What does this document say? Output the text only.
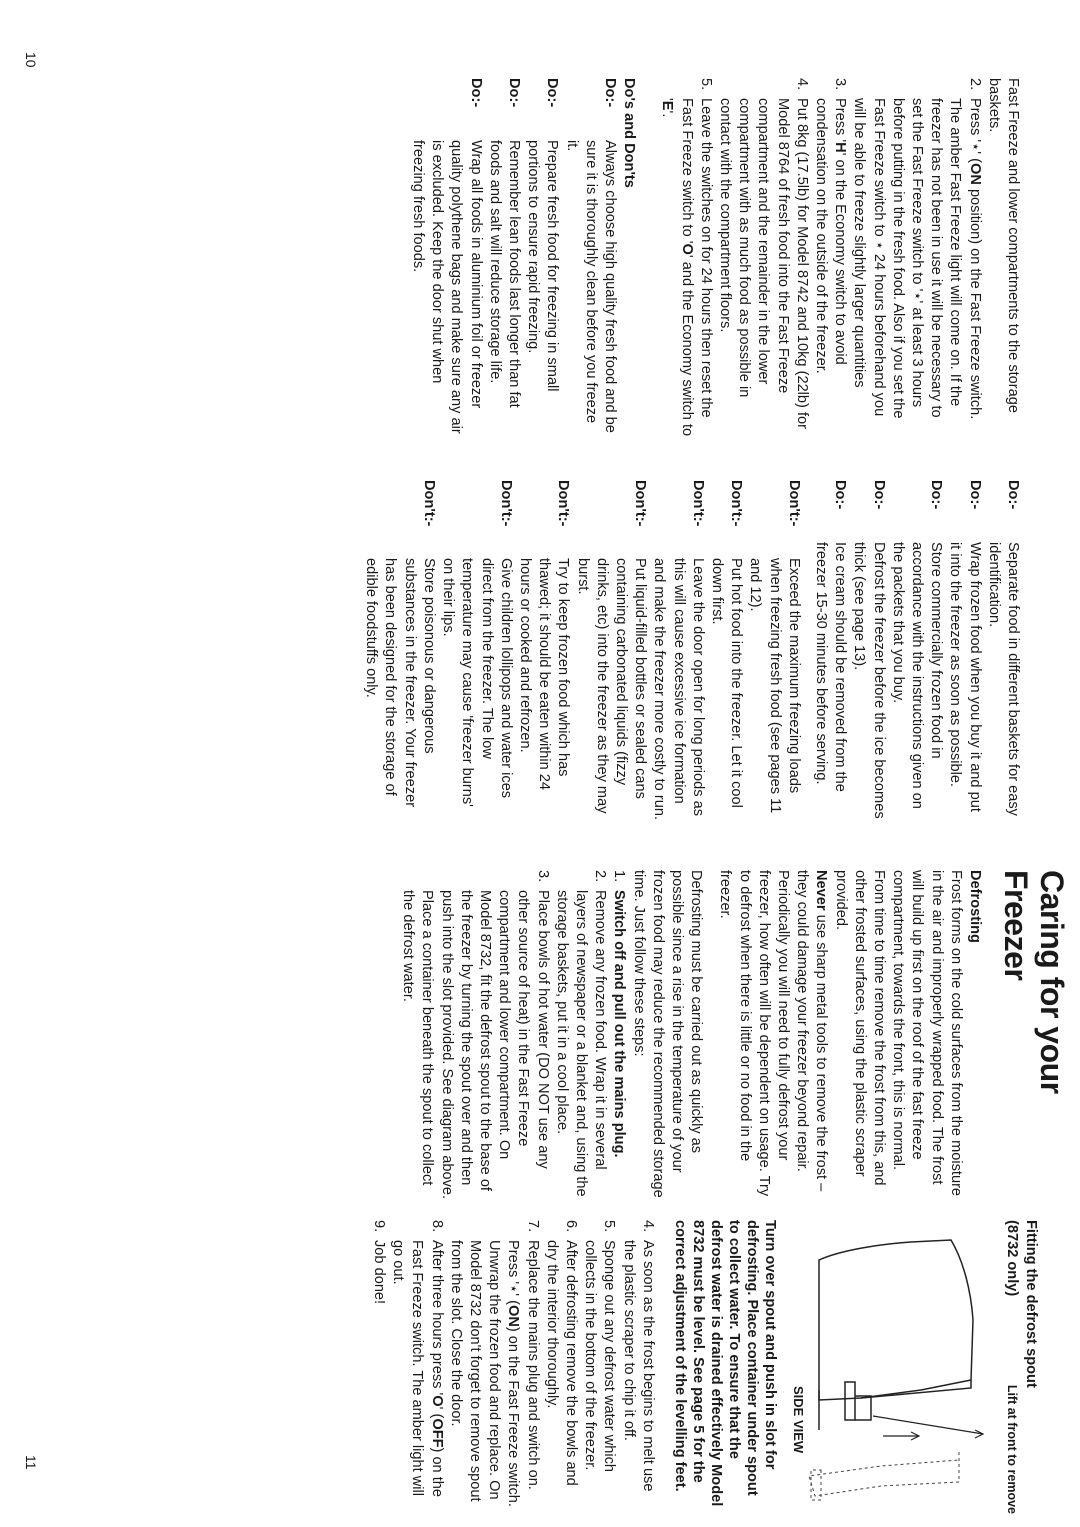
Fast Freeze and lower compartments to the storage baskets.

2.
Press '⋆' (ON position) on the Fast Freeze switch. The amber Fast Freeze light will come on. If the freezer has not been in use it will be necessary to set the Fast Freeze switch to '⋆' at least 3 hours before putting in the fresh food. Also if you set the Fast Freeze switch to ⋆ 24 hours beforehand you will be able to freeze slightly larger quantities

3.
Press 'H' on the Economy switch to avoid condensation on the outside of the freezer.

4.
Put 8kg (17.5lb) for Model 8742 and 10kg (22lb) for Model 8764 of fresh food into the Fast Freeze compartment and the remainder in the lower compartment with as much food as possible in contact with the compartment floors.

5.
Leave the switches on for 24 hours then reset the Fast Freeze switch to 'O' and the Economy switch to 'E'.

Do's and Don'ts

Do:-
Always choose high quality fresh food and be sure it is thoroughly clean before you freeze it.

Do:-
Prepare fresh food for freezing in small portions to ensure rapid freezing.

Do:-
Remember lean foods last longer than fat foods and salt will reduce storage life.

Do:-
Wrap all foods in aluminium foil or freezer quality polythene bags and make sure any air is excluded. Keep the door shut when freezing fresh foods.

Do:-
Separate food in different baskets for easy identification.

Do:-
Wrap frozen food when you buy it and put it into the freezer as soon as possible.

Do:-
Store commercially frozen food in accordance with the instructions given on the packets that you buy.

Do:-
Defrost the freezer before the ice becomes thick (see page 13).

Do:-
Ice cream should be removed from the freezer 15-30 minutes before serving.

Don't:-
Exceed the maximum freezing loads when freezing fresh food (see pages 11 and 12).

Don't:-
Put hot food into the freezer. Let it cool down first.

Don't:-
Leave the door open for long periods as this will cause excessive ice formation and make the freezer more costly to run.

Don't:-
Put liquid-filled bottles or sealed cans containing carbonated liquids (fizzy drinks, etc) into the freezer as they may burst.

Don't:-
Try to keep frozen food which has thawed; it should be eaten within 24 hours or cooked and refrozen.

Don't:-
Give children lollipops and water ices direct from the freezer. The low temperature may cause 'freezer burns' on their lips.

Don't:-
Store poisonous or dangerous substances in the freezer. Your freezer has been designed for the storage of edible foodstuffs only.

Caring for your Freezer

Defrosting

Frost forms on the cold surfaces from the moisture in the air and improperly wrapped food. The frost will build up first on the roof of the fast freeze compartment, towards the front, this is normal.

From time to time remove the frost from this, and other frosted surfaces, using the plastic scraper provided.

Never use sharp metal tools to remove the frost – they could damage your freezer beyond repair.

Periodically you will need to fully defrost your freezer, how often will be dependent on usage. Try to defrost when there is little or no food in the freezer.

Defrosting must be carried out as quickly as possible since a rise in the temperature of your frozen food may reduce the recommended storage time. Just follow these steps:

1.
Switch off and pull out the mains plug.

2.
Remove any frozen food. Wrap it in several layers of newspaper or a blanket and, using the storage baskets, put it in a cool place.

3.
Place bowls of hot water (DO NOT use any other source of heat) in the Fast Freeze compartment and lower compartment. On Model 8732, fit the defrost spout to the base of the freezer by turning the spout over and then push into the slot provided. See diagram above. Place a container beneath the spout to collect the defrost water.

Fitting the defrost spout

(8732 only)
Lift at front to remove
SIDE VIEW

Turn over spout and push in slot for defrosting. Place container under spout to collect water. To ensure that the defrost water is drained effectively Model 8732 must be level. See page 5 for the correct adjustment of the levelling feet.

4.
As soon as the frost begins to melt use the plastic scraper to chip it off.

5.
Sponge out any defrost water which collects in the bottom of the freezer.

6.
After defrosting remove the bowls and dry the interior thoroughly.

7.
Replace the mains plug and switch on. Press '⋆' (ON) on the Fast Freeze switch. Unwrap the frozen food and replace. On Model 8732 don't forget to remove spout from the slot. Close the door.

8.
After three hours press 'O' (OFF) on the Fast Freeze switch. The amber light will go out.

9.
Job done!

10
11
